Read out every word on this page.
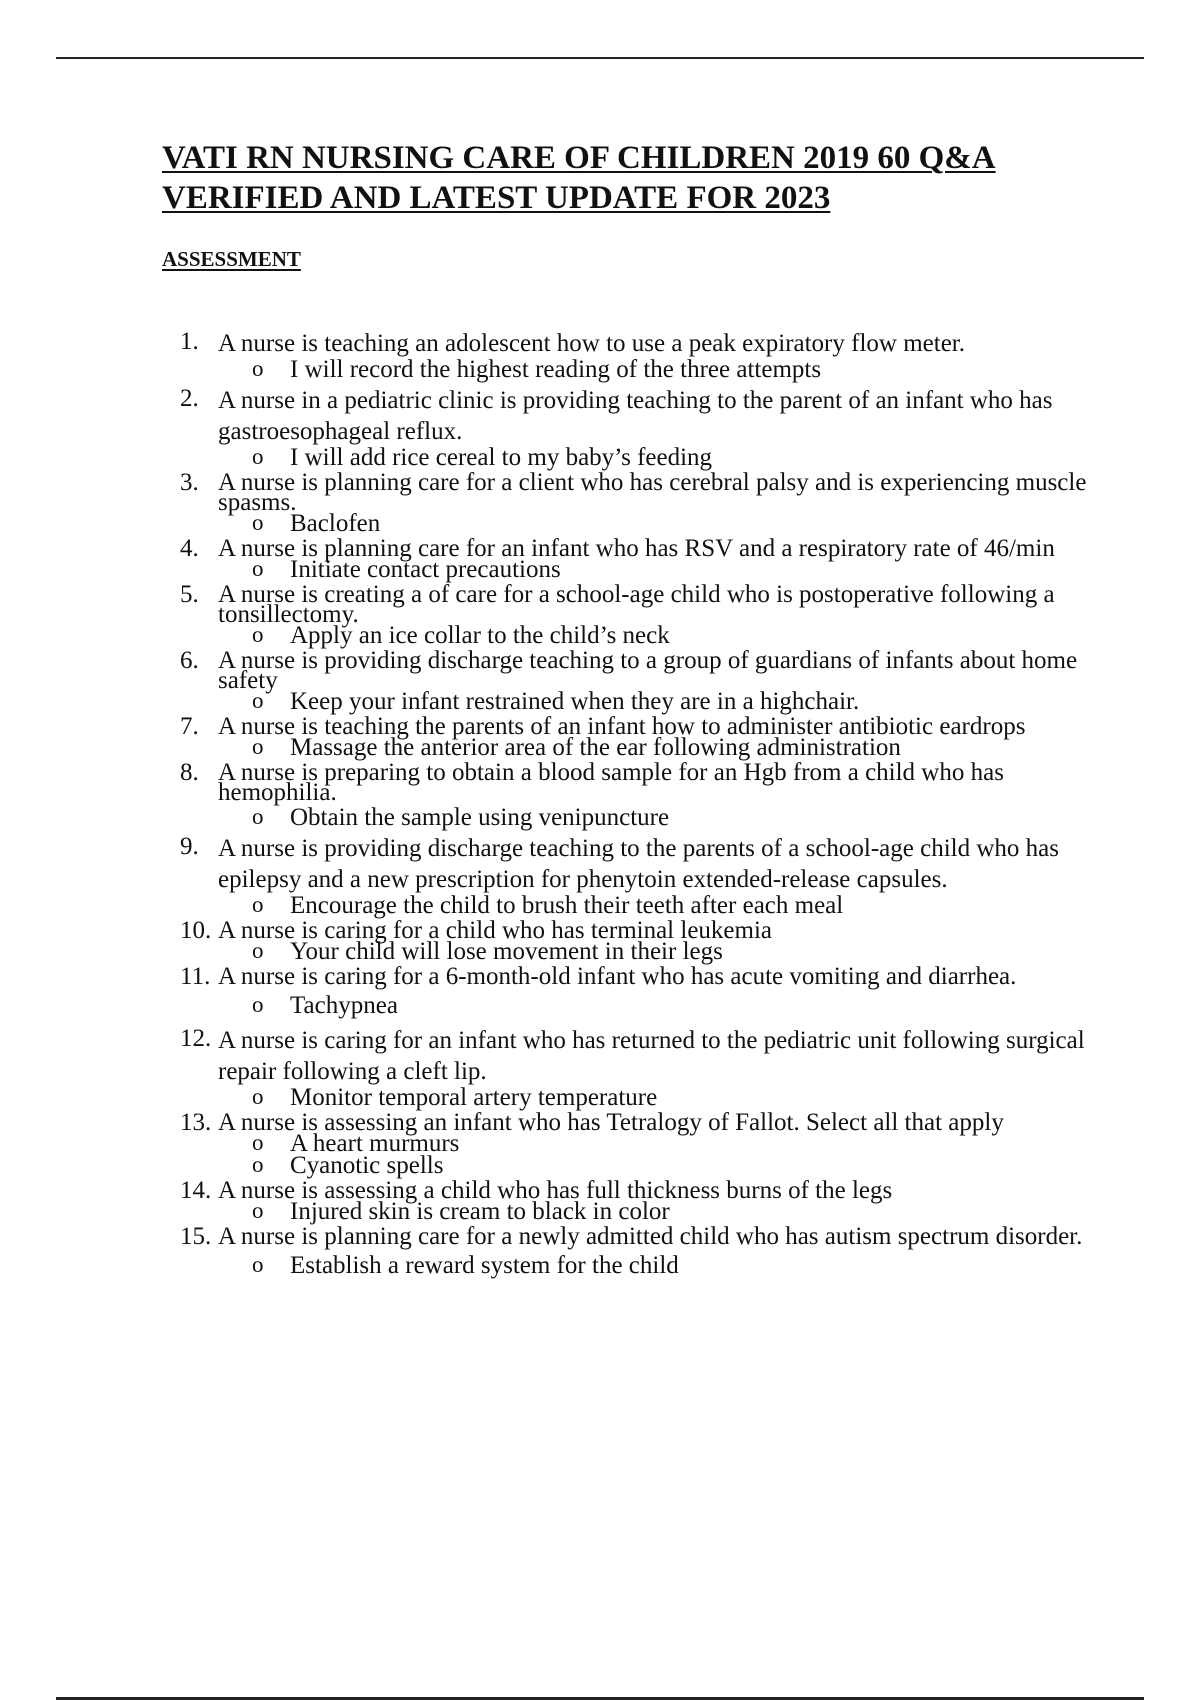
VATI RN NURSING CARE OF CHILDREN 2019 60 Q&A
VERIFIED AND LATEST UPDATE FOR 2023
ASSESSMENT
1. A nurse is teaching an adolescent how to use a peak expiratory flow meter.
o I will record the highest reading of the three attempts
2. A nurse in a pediatric clinic is providing teaching to the parent of an infant who has gastroesophageal reflux.
o I will add rice cereal to my baby’s feeding
3. A nurse is planning care for a client who has cerebral palsy and is experiencing muscle spasms.
o Baclofen
4. A nurse is planning care for an infant who has RSV and a respiratory rate of 46/min
o Initiate contact precautions
5. A nurse is creating a of care for a school-age child who is postoperative following a tonsillectomy.
o Apply an ice collar to the child’s neck
6. A nurse is providing discharge teaching to a group of guardians of infants about home safety
o Keep your infant restrained when they are in a highchair.
7. A nurse is teaching the parents of an infant how to administer antibiotic eardrops
o Massage the anterior area of the ear following administration
8. A nurse is preparing to obtain a blood sample for an Hgb from a child who has hemophilia.
o Obtain the sample using venipuncture
9. A nurse is providing discharge teaching to the parents of a school-age child who has epilepsy and a new prescription for phenytoin extended-release capsules.
o Encourage the child to brush their teeth after each meal
10. A nurse is caring for a child who has terminal leukemia
o Your child will lose movement in their legs
11. A nurse is caring for a 6-month-old infant who has acute vomiting and diarrhea.
o Tachypnea
12. A nurse is caring for an infant who has returned to the pediatric unit following surgical repair following a cleft lip.
o Monitor temporal artery temperature
13. A nurse is assessing an infant who has Tetralogy of Fallot. Select all that apply
o A heart murmurs
o Cyanotic spells
14. A nurse is assessing a child who has full thickness burns of the legs
o Injured skin is cream to black in color
15. A nurse is planning care for a newly admitted child who has autism spectrum disorder.
o Establish a reward system for the child
